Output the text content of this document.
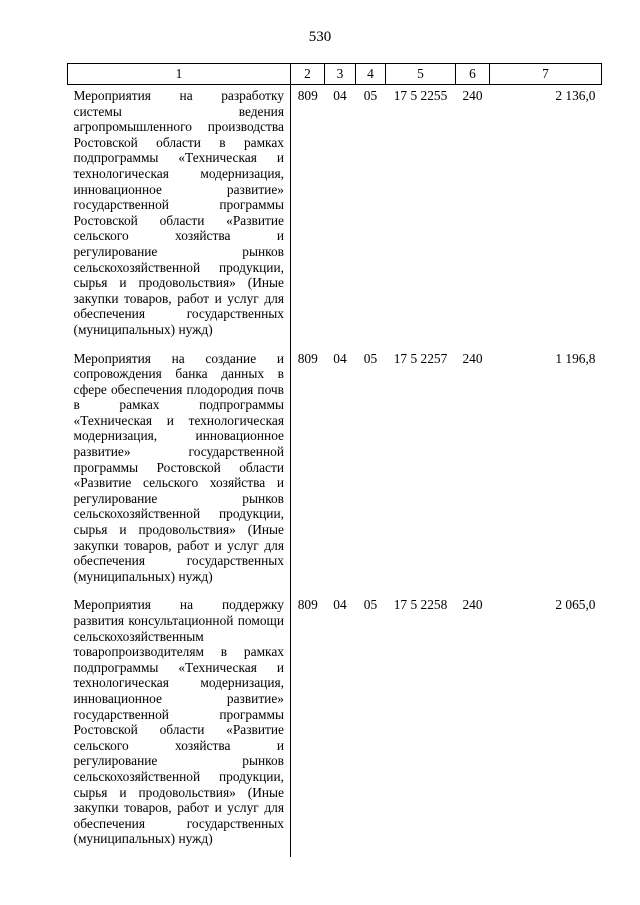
530
1	2	3	4	5	6	7
Мероприятия на разработку системы ведения агропромышленного производства Ростовской области в рамках подпрограммы «Техническая и технологическая модернизация, инновационное развитие» государственной программы Ростовской области «Развитие сельского хозяйства и регулирование рынков сельскохозяйственной продукции, сырья и продовольствия» (Иные закупки товаров, работ и услуг для обеспечения государственных (муниципальных) нужд)	809	04	05	17 5 2255	240	2 136,0
Мероприятия на создание и сопровождения банка данных в сфере обеспечения плодородия почв в рамках подпрограммы «Техническая и технологическая модернизация, инновационное развитие» государственной программы Ростовской области «Развитие сельского хозяйства и регулирование рынков сельскохозяйственной продукции, сырья и продовольствия» (Иные закупки товаров, работ и услуг для обеспечения государственных (муниципальных) нужд)	809	04	05	17 5 2257	240	1 196,8
Мероприятия на поддержку развития консультационной помощи сельскохозяйственным товаропроизводителям в рамках подпрограммы «Техническая и технологическая модернизация, инновационное развитие» государственной программы Ростовской области «Развитие сельского хозяйства и регулирование рынков сельскохозяйственной продукции, сырья и продовольствия» (Иные закупки товаров, работ и услуг для обеспечения государственных (муниципальных) нужд)	809	04	05	17 5 2258	240	2 065,0
